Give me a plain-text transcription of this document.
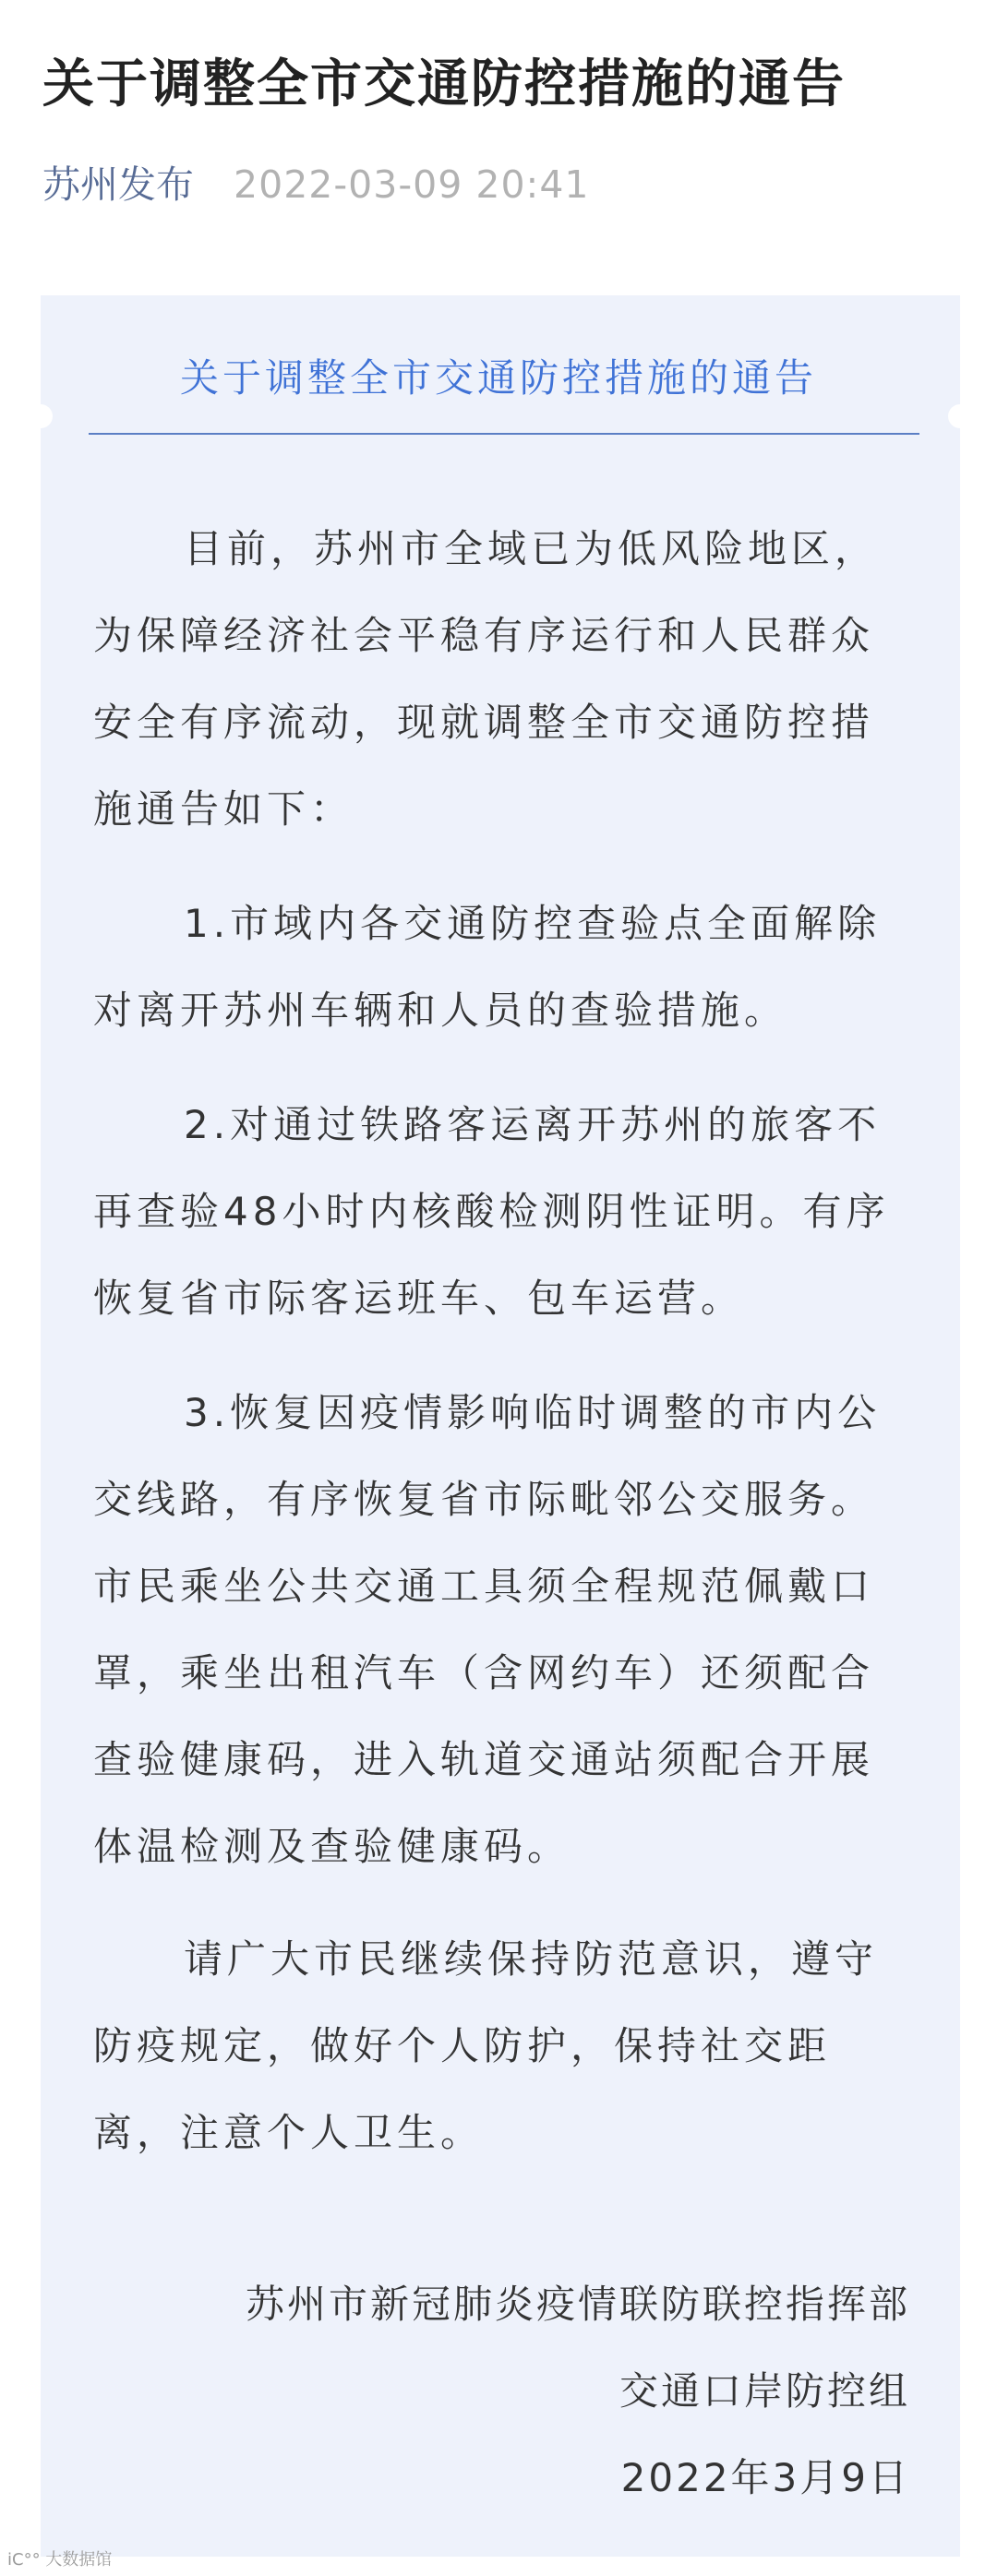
关于调整全市交通防控措施的通告
苏州发布 2022-03-09 20:41
关于调整全市交通防控措施的通告

目前，苏州市全域已为低风险地区，为保障经济社会平稳有序运行和人民群众安全有序流动，现就调整全市交通防控措施通告如下：

1.市域内各交通防控查验点全面解除对离开苏州车辆和人员的查验措施。

2.对通过铁路客运离开苏州的旅客不再查验48小时内核酸检测阴性证明。有序恢复省市际客运班车、包车运营。

3.恢复因疫情影响临时调整的市内公交线路，有序恢复省市际毗邻公交服务。市民乘坐公共交通工具须全程规范佩戴口罩，乘坐出租汽车（含网约车）还须配合查验健康码，进入轨道交通站须配合开展体温检测及查验健康码。

请广大市民继续保持防范意识，遵守防疫规定，做好个人防护，保持社交距离，注意个人卫生。

苏州市新冠肺炎疫情联防联控指挥部

交通口岸防控组

2022年3月9日

iC°° 大数据馆
